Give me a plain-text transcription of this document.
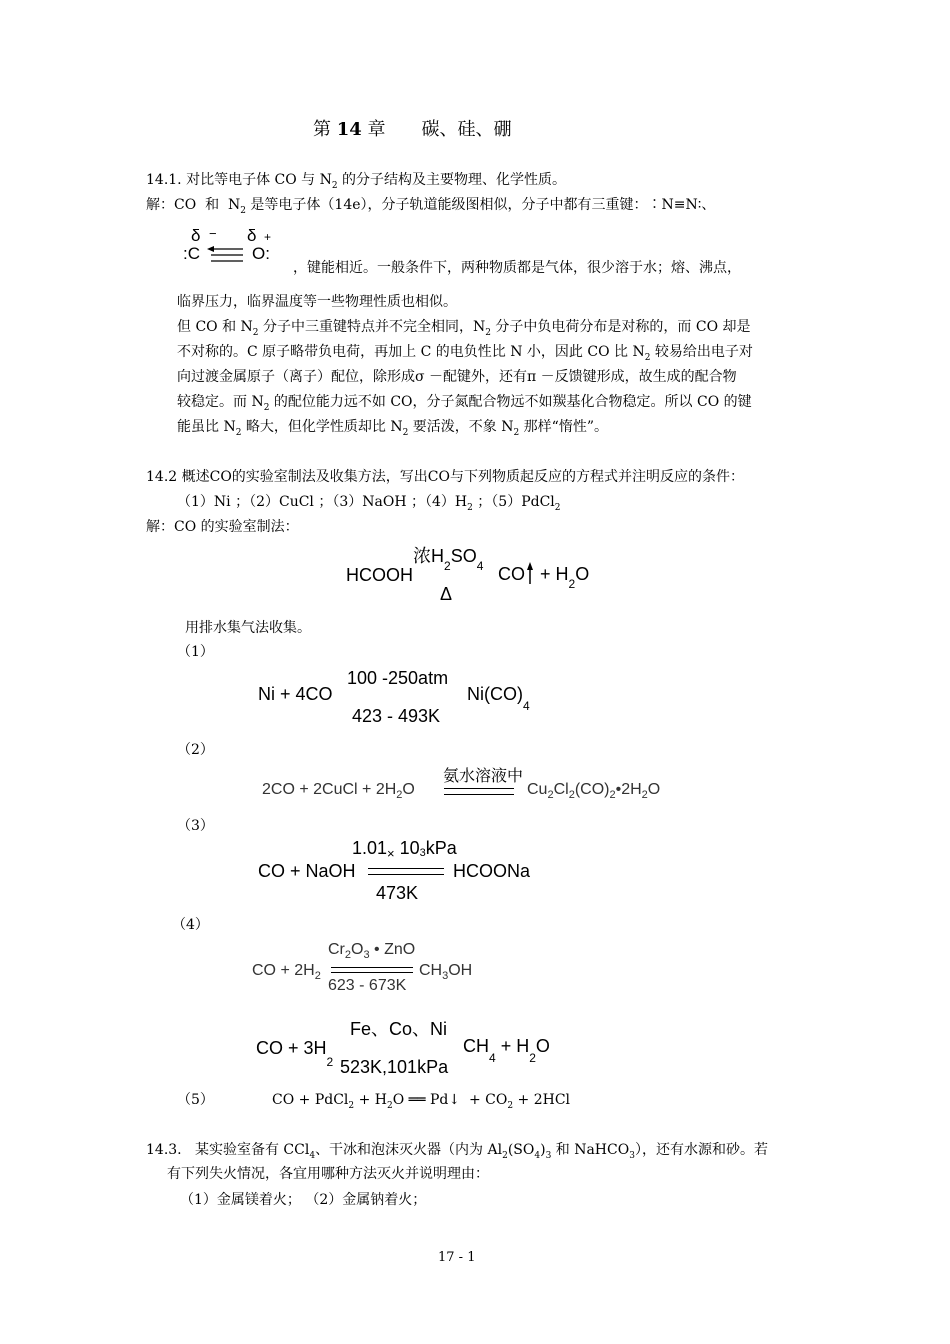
第 14 章　　碳、硅、硼
14.1. 对比等电子体 CO 与 $N_2$ 的分子结构及主要物理、化学性质。
解：CO  和  $N_2$ 是等电子体（14e），分子轨道能级图相似，分子中都有三重键：∶N≡N∶、
δ − δ +
:C	O:
，键能相近。一般条件下，两种物质都是气体，很少溶于水；熔、沸点，
临界压力，临界温度等一些物理性质也相似。
但 CO 和 $N_2$ 分子中三重键特点并不完全相同，$N_2$ 分子中负电荷分布是对称的，而 CO 却是
不对称的。C 原子略带负电荷，再加上 C 的电负性比 N 小，因此 CO 比 $N_2$ 较易给出电子对
向过渡金属原子（离子）配位，除形成σ －配键外，还有π －反馈键形成，故生成的配合物
较稳定。而 $N_2$ 的配位能力远不如 CO，分子氮配合物远不如羰基化合物稳定。所以 CO 的键
能虽比 $N_2$ 略大，但化学性质却比 $N_2$ 要活泼，不象 $N_2$ 那样“惰性”。
14.2 概述CO的实验室制法及收集方法，写出CO与下列物质起反应的方程式并注明反应的条件：
（1）Ni ；（2）CuCl ；（3）NaOH ；$(4)H_2$ ；（5）PdCl$_2$
解：CO 的实验室制法：
HCOOH
浓$H_2SO_4$
Δ
CO
+ $H_2O$
用排水集气法收集。
（1）
Ni + 4CO
100 -250atm
423 - 493K
$Ni(CO)_4$
（2）
2CO + 2CuCl + $2H_2O$
氨水溶液中
$Cu_2Cl_2(CO)_2•2H_2O$
（3）
CO + NaOH
$1.01_\times$ 103kPa
473K
HCOONa
（4）
CO + $2H_2$
$Cr_2O_3$ • ZnO
623 - 673K
$CH_3OH$
Fe、Co、Ni
CO + $3H_2$ 523K,101kPa
$CH_4 + H_2O$
（5）	CO + PdCl$_2$ + $H_2O$ ══ Pd↓  + $CO_2 + 2HCl$
14.3.   某实验室备有 CCl$_4$、干冰和泡沫灭火器（内为 $Al_2(SO_4)_3$ 和 NaHCO$_3$），还有水源和砂。若
有下列失火情况，各宜用哪种方法灭火并说明理由：
（1）金属镁着火； （2）金属钠着火；
17 - 1
